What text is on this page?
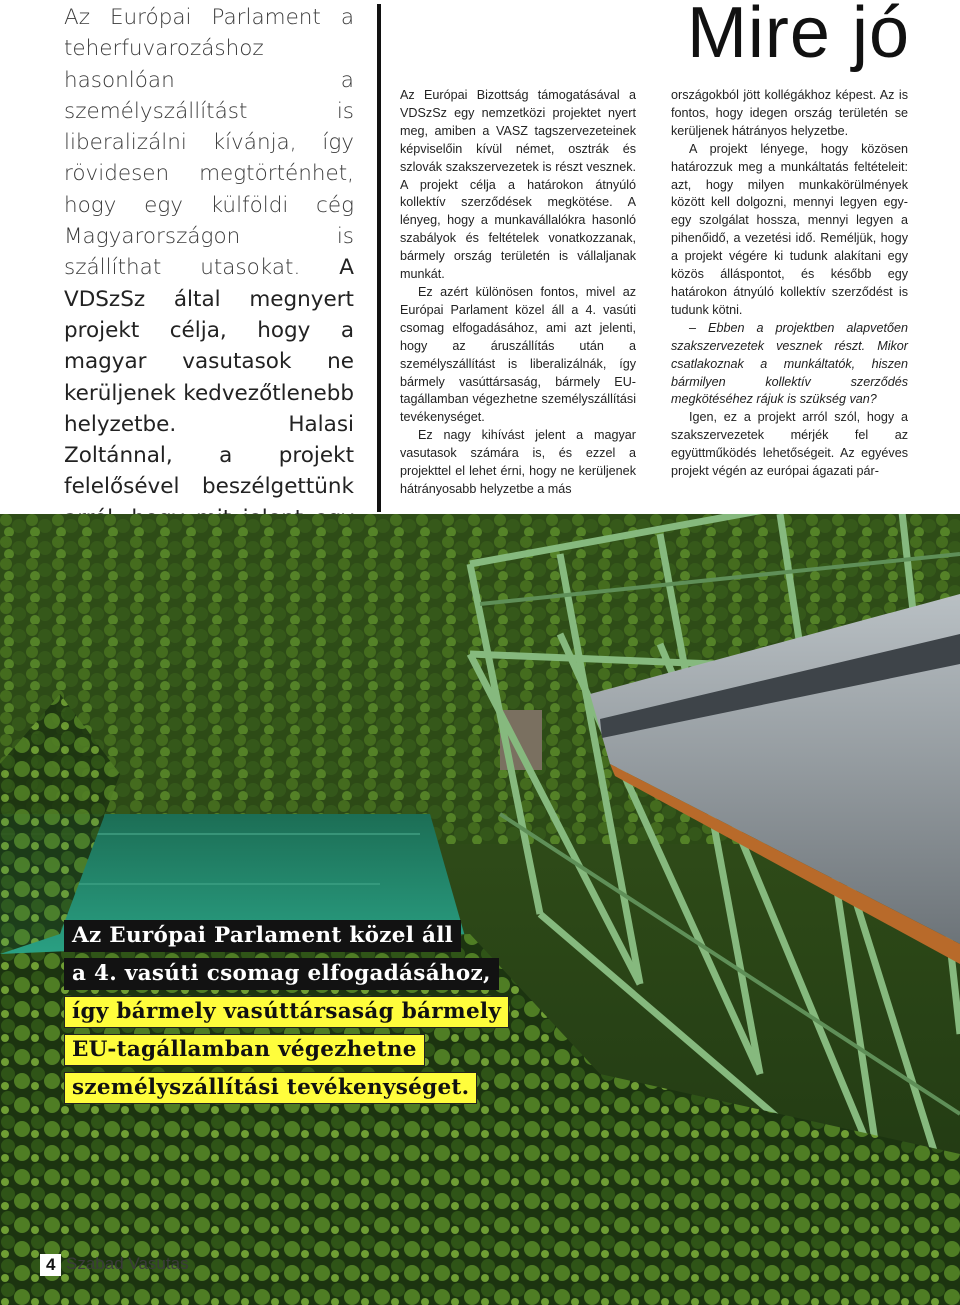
Az Európai Parlament a teherfuvarozáshoz hasonlóan a személyszállítást is liberalizálni kívánja, így rövidesen megtörténhet, hogy egy külföldi cég Magyarországon is szállíthat utasokat. A VDSzSz által megnyert projekt célja, hogy a magyar vasutasok ne kerüljenek kedvezőtlenebb helyzetbe. Halasi Zoltánnal, a projekt felelősével beszélgettünk

Mire jó

Az Európai Bizottság támogatásával a VDSzSz egy nemzetközi projektet nyert meg, amiben a VASZ tagszervezeteinek képviselőin kívül német, osztrák és szlovák szakszervezetek is részt vesznek. A projekt célja a határokon átnyúló kollektív szerződések megkötése. A lényeg, hogy a munkavállalókra hasonló szabályok és feltételek vonatkozzanak, bármely ország területén is vállaljanak munkát.

Ez azért különösen fontos, mivel az Európai Parlament közel áll a 4. vasúti csomag elfogadásához, ami azt jelenti, hogy az áruszállítás után a személyszállítást is liberalizálnák, így bármely vasúttársaság, bármely EU-tagállamban végezhetne személyszállítási tevékenységet.

Ez nagy kihívást jelent a magyar vasutasok számára is, és ezzel a projekttel el lehet érni, hogy ne kerüljenek hátrányosabb helyzetbe a más

országokból jött kollégákhoz képest. Az is fontos, hogy idegen ország területén se kerüljenek hátrányos helyzetbe.

A projekt lényege, hogy közösen határozzuk meg a munkáltatás feltételeit: azt, hogy milyen munkakörülmények között kell dolgozni, mennyi legyen egy-egy szolgálat hossza, mennyi legyen a pihenőidő, a vezetési idő. Reméljük, hogy a projekt végére ki tudunk alakítani egy közös álláspontot, és később egy határokon átnyúló kollektív szerződést is tudunk kötni.

– Ebben a projektben alapvetően szakszervezetek vesznek részt. Mikor csatlakoznak a munkáltatók, hiszen bármilyen kollektív szerződés megkötéséhez rájuk is szükség van?

Igen, ez a projekt arról szól, hogy a szakszervezetek mérjék fel az együttműködés lehetőségeit. Az egyéves projekt végén az európai ágazati pár-

Az Európai Parlament közel áll
a 4. vasúti csomag elfogadásához,
így bármely vasúttársaság bármely
EU-tagállamban végezhetne
személyszállítási tevékenységet.
4 Szabad Vasutas
